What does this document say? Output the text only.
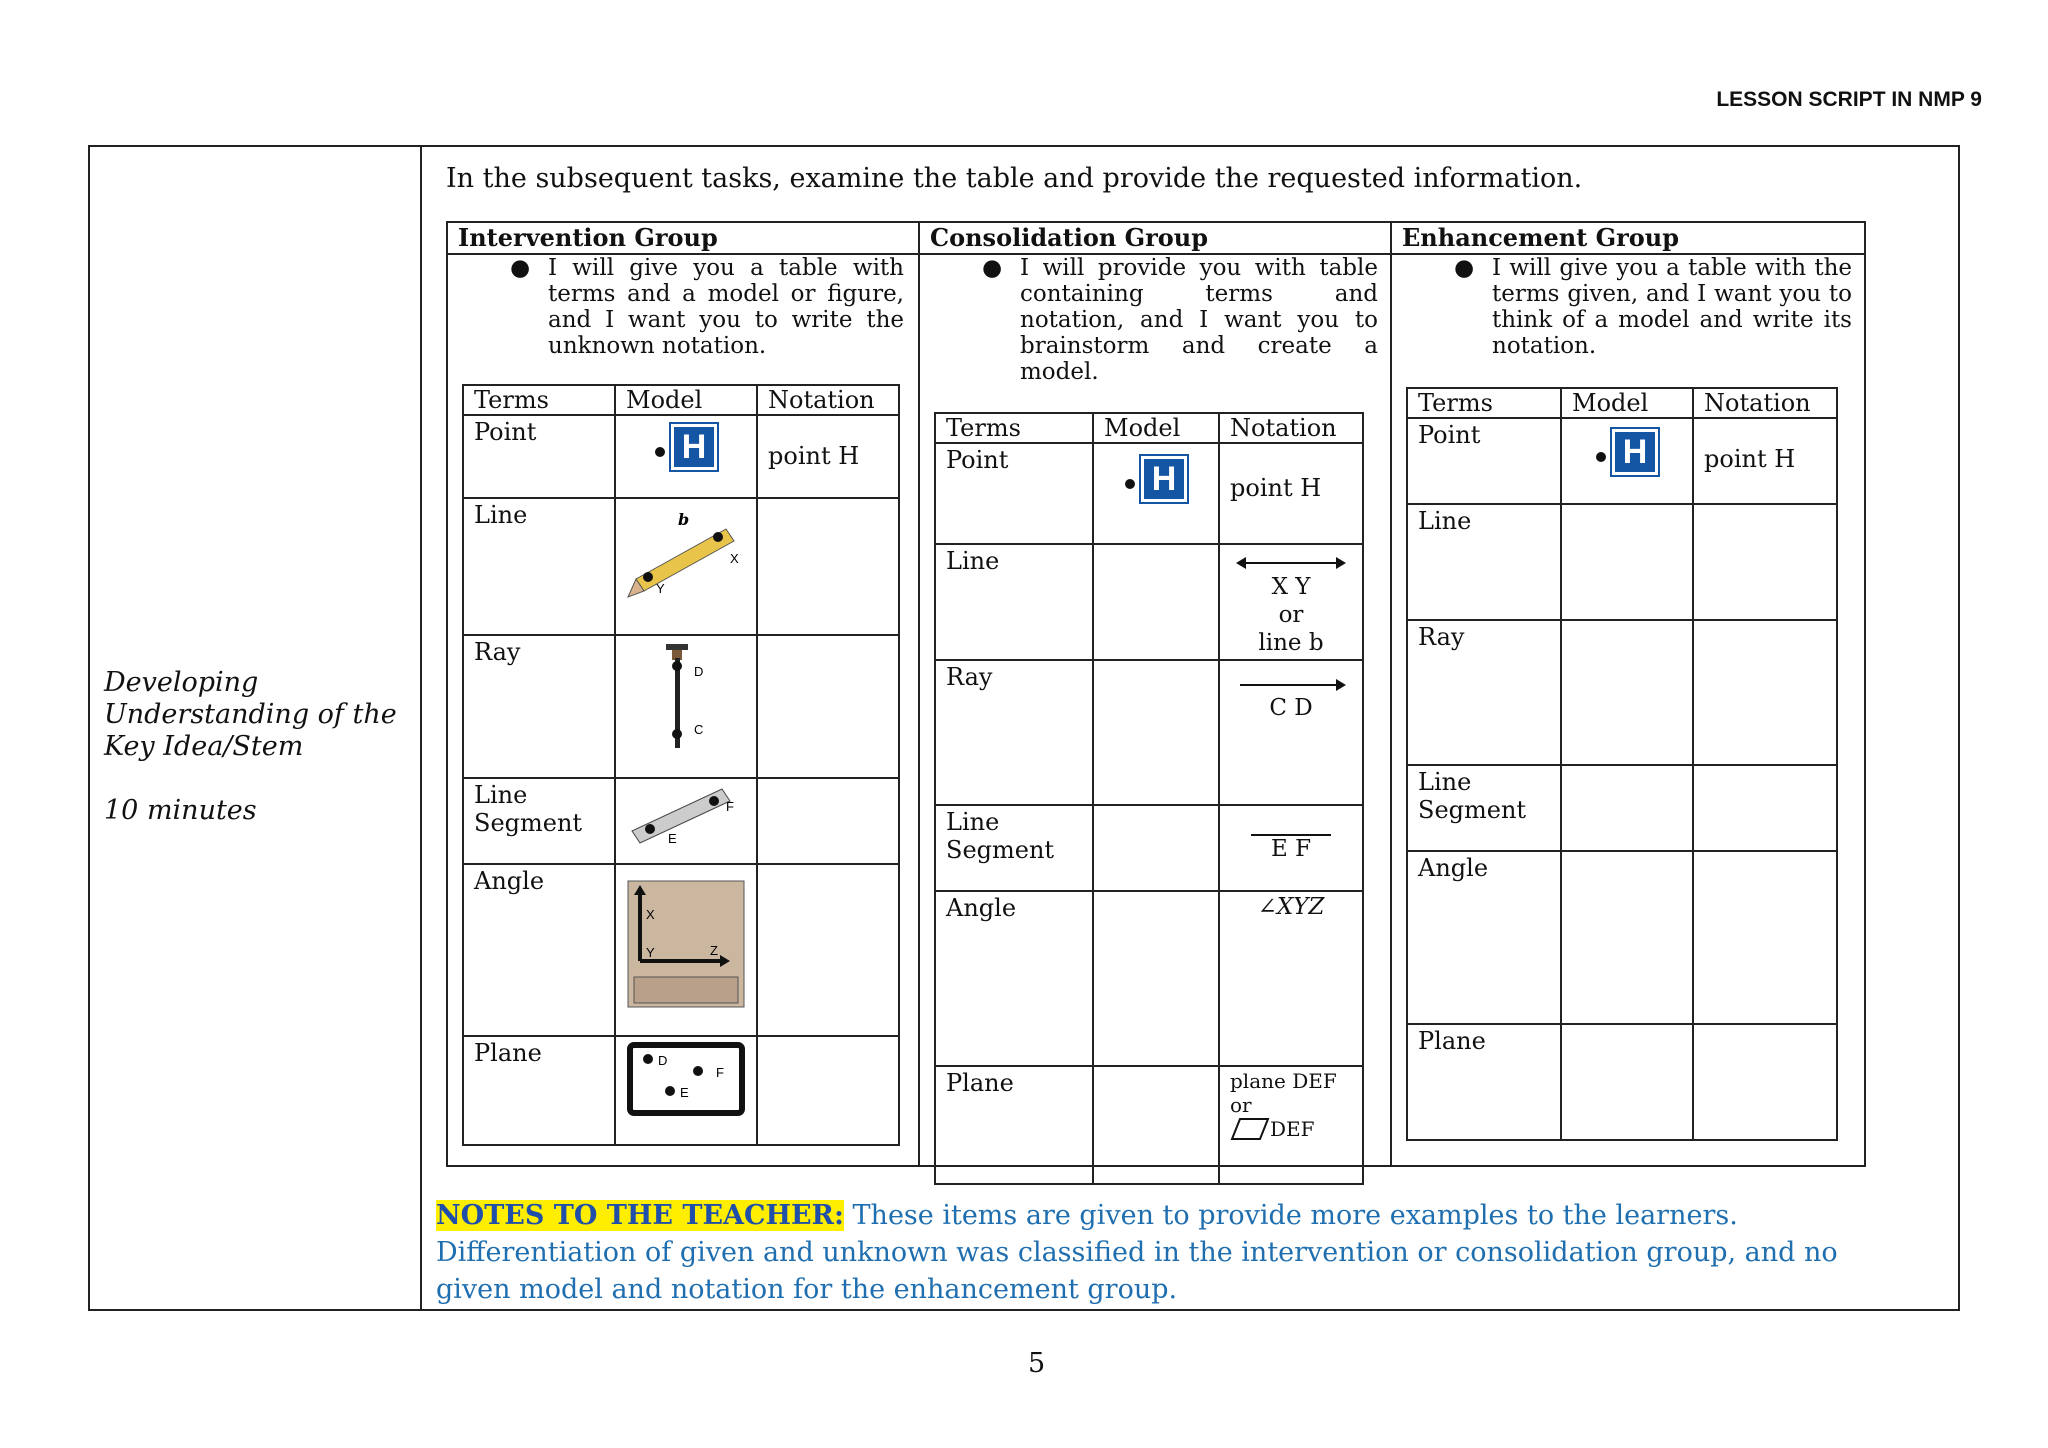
LESSON SCRIPT IN NMP 9
Developing
Understanding of the
Key Idea/Stem
10 minutes
In the subsequent tasks, examine the table and provide the requested information.
Intervention Group
● I will give you a table with terms and a model or figure, and I want you to write the unknown notation.
Terms	Model	Notation
Point	H	point H
Line	b
X
Y	

Ray	D
C	

Line Segment	F
E	

Angle	X
Y Z	

Plane	D
F
E	

Consolidation Group
● I will provide you with table containing terms and notation, and I want you to brainstorm and create a model.
Terms	Model	Notation
Point	H	point H
Line		X Y
or
line b

Ray		C D

Line Segment		E F

Angle		∠XYZ
Plane		plane DEF
or
DEF
Enhancement Group
● I will give you a table with the terms given, and I want you to think of a model and write its notation.
Terms	Model	Notation
Point	H	point H
Line		
Ray		
Line Segment		
Angle		
Plane		
NOTES TO THE TEACHER: These items are given to provide more examples to the learners. Differentiation of given and unknown was classified in the intervention or consolidation group, and no given model and notation for the enhancement group.
5
